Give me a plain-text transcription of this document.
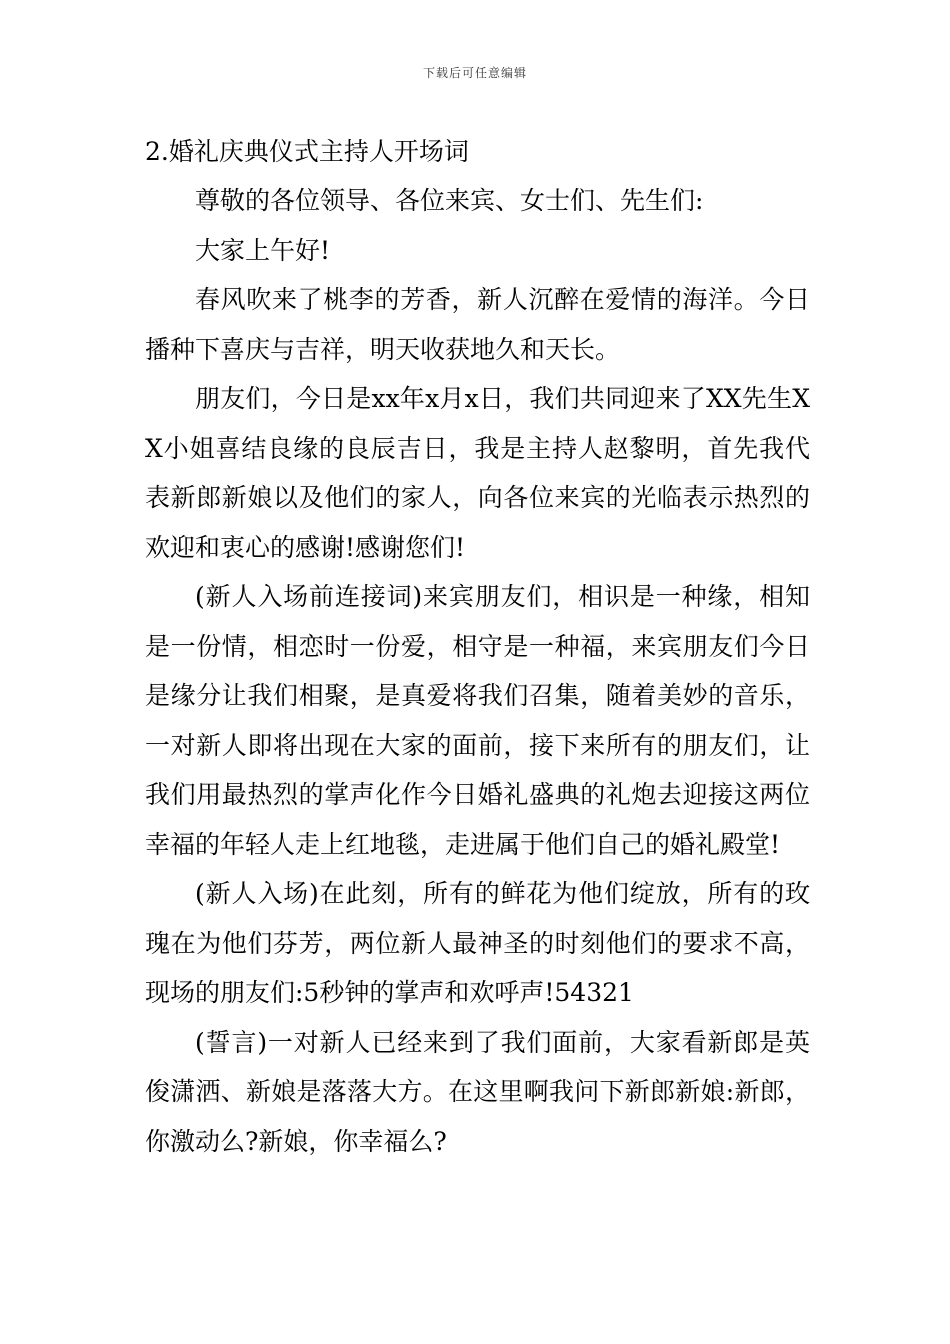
下载后可任意编辑

2.婚礼庆典仪式主持人开场词

尊敬的各位领导、各位来宾、女士们、先生们:

大家上午好!

春风吹来了桃李的芳香，新人沉醉在爱情的海洋。今日播种下喜庆与吉祥，明天收获地久和天长。

朋友们，今日是xx年x月x日，我们共同迎来了XX先生XX小姐喜结良缘的良辰吉日，我是主持人赵黎明，首先我代表新郎新娘以及他们的家人，向各位来宾的光临表示热烈的欢迎和衷心的感谢!感谢您们!

(新人入场前连接词)来宾朋友们，相识是一种缘，相知是一份情，相恋时一份爱，相守是一种福，来宾朋友们今日是缘分让我们相聚，是真爱将我们召集，随着美妙的音乐，一对新人即将出现在大家的面前，接下来所有的朋友们，让我们用最热烈的掌声化作今日婚礼盛典的礼炮去迎接这两位幸福的年轻人走上红地毯，走进属于他们自己的婚礼殿堂!

(新人入场)在此刻，所有的鲜花为他们绽放，所有的玫瑰在为他们芬芳，两位新人最神圣的时刻他们的要求不高，现场的朋友们:5秒钟的掌声和欢呼声!54321

(誓言)一对新人已经来到了我们面前，大家看新郎是英俊潇洒、新娘是落落大方。在这里啊我问下新郎新娘:新郎，你激动么?新娘，你幸福么?
